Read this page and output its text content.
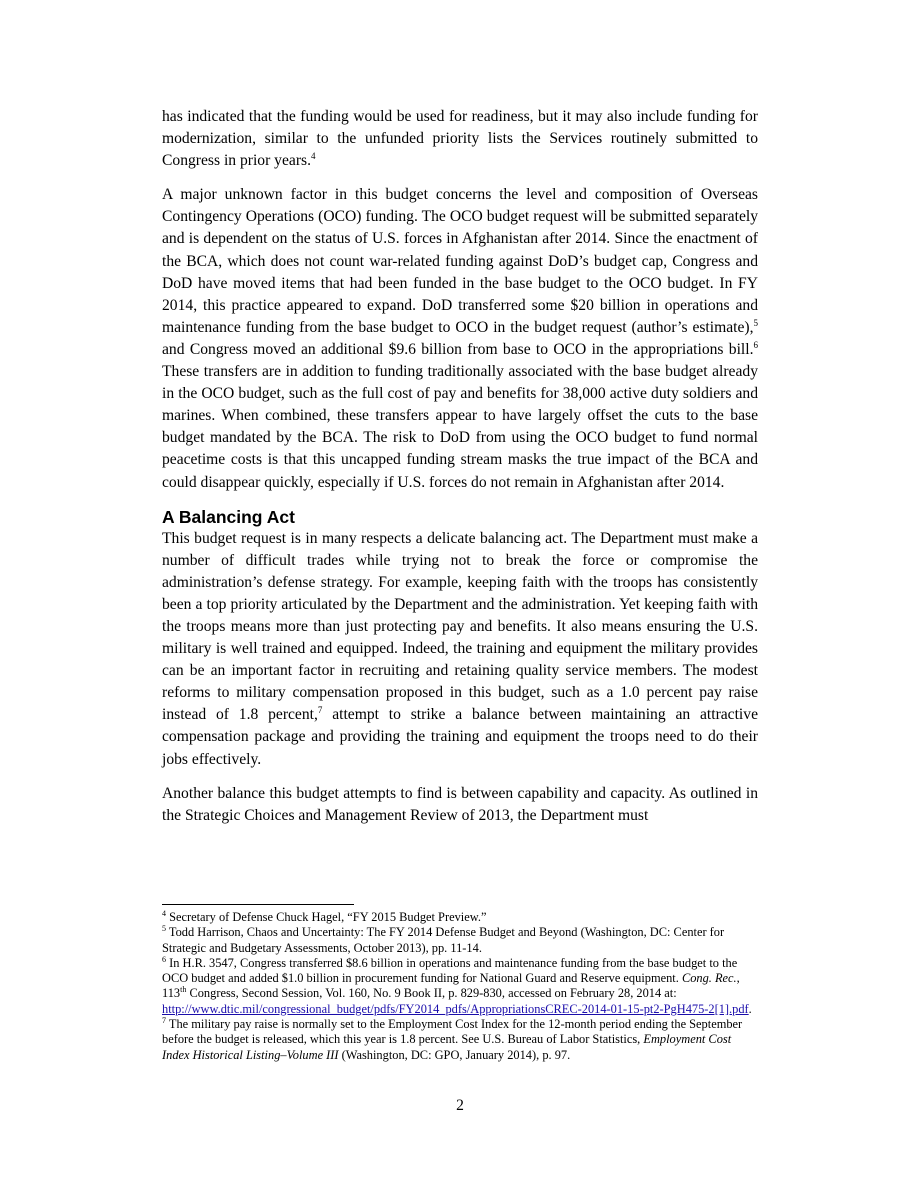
has indicated that the funding would be used for readiness, but it may also include funding for modernization, similar to the unfunded priority lists the Services routinely submitted to Congress in prior years.$^4$

A major unknown factor in this budget concerns the level and composition of Overseas Contingency Operations (OCO) funding. The OCO budget request will be submitted separately and is dependent on the status of U.S. forces in Afghanistan after 2014. Since the enactment of the BCA, which does not count war-related funding against DoD’s budget cap, Congress and DoD have moved items that had been funded in the base budget to the OCO budget. In FY 2014, this practice appeared to expand. DoD transferred some $20 billion in operations and maintenance funding from the base budget to OCO in the budget request (author’s estimate),$^5$ and Congress moved an additional $9.6 billion from base to OCO in the appropriations bill.$^6$ These transfers are in addition to funding traditionally associated with the base budget already in the OCO budget, such as the full cost of pay and benefits for 38,000 active duty soldiers and marines. When combined, these transfers appear to have largely offset the cuts to the base budget mandated by the BCA. The risk to DoD from using the OCO budget to fund normal peacetime costs is that this uncapped funding stream masks the true impact of the BCA and could disappear quickly, especially if U.S. forces do not remain in Afghanistan after 2014.

A Balancing Act

This budget request is in many respects a delicate balancing act. The Department must make a number of difficult trades while trying not to break the force or compromise the administration’s defense strategy. For example, keeping faith with the troops has consistently been a top priority articulated by the Department and the administration. Yet keeping faith with the troops means more than just protecting pay and benefits. It also means ensuring the U.S. military is well trained and equipped. Indeed, the training and equipment the military provides can be an important factor in recruiting and retaining quality service members. The modest reforms to military compensation proposed in this budget, such as a 1.0 percent pay raise instead of 1.8 percent,$^7$ attempt to strike a balance between maintaining an attractive compensation package and providing the training and equipment the troops need to do their jobs effectively.

Another balance this budget attempts to find is between capability and capacity. As outlined in the Strategic Choices and Management Review of 2013, the Department must

$^4$ Secretary of Defense Chuck Hagel, “FY 2015 Budget Preview.”

$^5$ Todd Harrison, Chaos and Uncertainty: The FY 2014 Defense Budget and Beyond (Washington, DC: Center for Strategic and Budgetary Assessments, October 2013), pp. 11-14.

$^6$ In H.R. 3547, Congress transferred $8.6 billion in operations and maintenance funding from the base budget to the OCO budget and added $1.0 billion in procurement funding for National Guard and Reserve equipment. Cong. Rec., 113th Congress, Second Session, Vol. 160, No. 9 Book II, p. 829-830, accessed on February 28, 2014 at: http://www.dtic.mil/congressional_budget/pdfs/FY2014_pdfs/AppropriationsCREC-2014-01-15-pt2-PgH475-2[1].pdf.

$^7$ The military pay raise is normally set to the Employment Cost Index for the 12-month period ending the September before the budget is released, which this year is 1.8 percent. See U.S. Bureau of Labor Statistics, Employment Cost Index Historical Listing–Volume III (Washington, DC: GPO, January 2014), p. 97.

2
